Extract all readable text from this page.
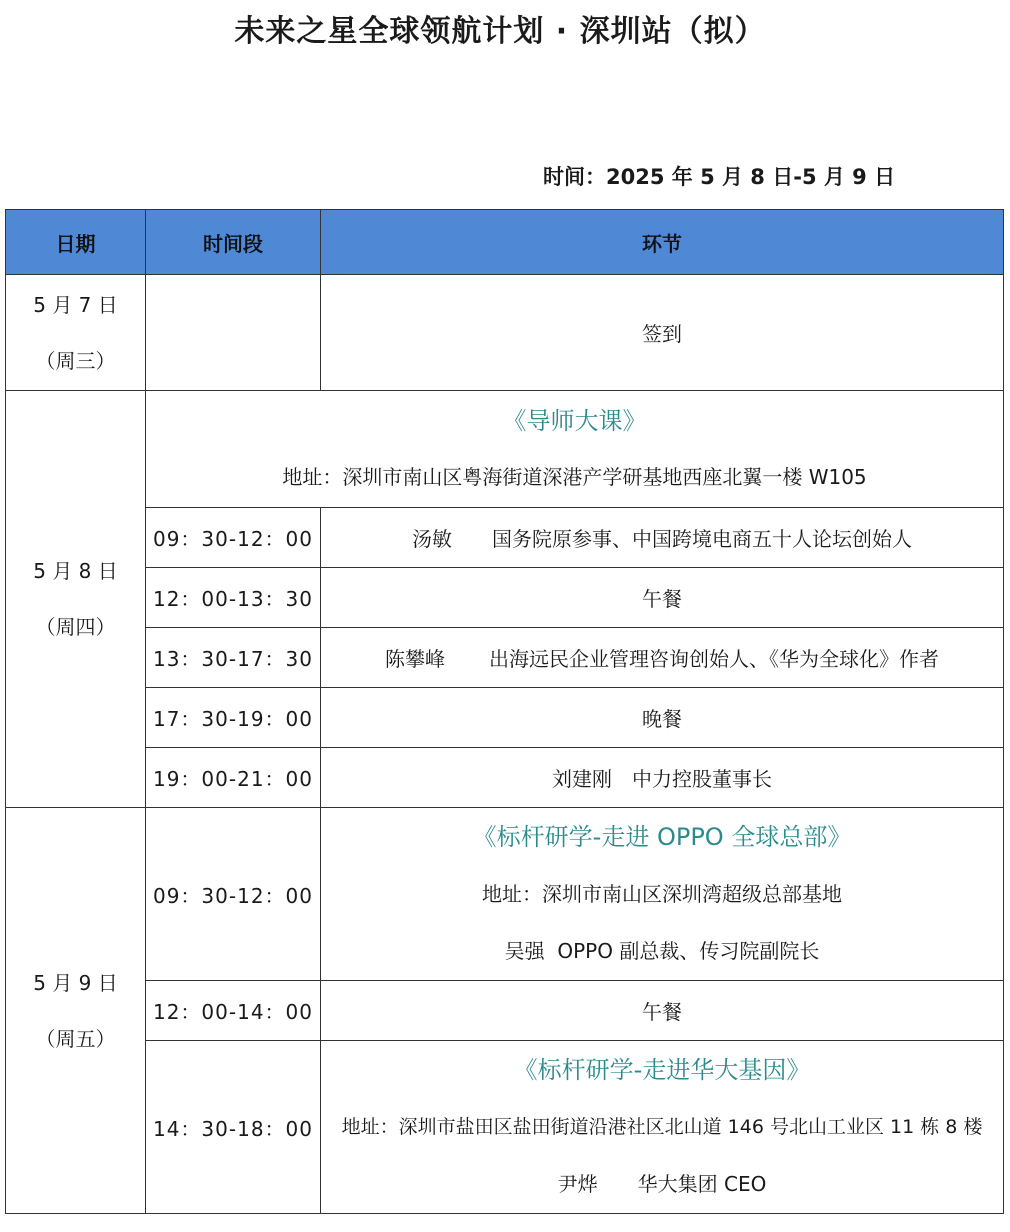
未来之星全球领航计划 · 深圳站（拟）
时间：2025 年 5 月 8 日-5 月 9 日
日期	时间段	环节

5 月 7 日
（周三）		签到

5 月 8 日
（周四）	《导师大课》
地址：深圳市南山区粤海街道深港产学研基地西座北翼一楼 W105	

	09：30-12：00	汤敏 国务院原参事、中国跨境电商五十人论坛创始人
	12：00-13：30	午餐
	13：30-17：30	陈攀峰 出海远民企业管理咨询创始人、《华为全球化》作者
	17：30-19：00	晚餐
	19：00-21：00	刘建刚 中力控股董事长

5 月 9 日
（周五）	09：30-12：00	《标杆研学-走进 OPPO 全球总部》
地址：深圳市南山区深圳湾超级总部基地
吴强 OPPO 副总裁、传习院副院长

	12：00-14：00	午餐
	14：30-18：00	《标杆研学-走进华大基因》
地址：深圳市盐田区盐田街道沿港社区北山道 146 号北山工业区 11 栋 8 楼
尹烨 华大集团 CEO
